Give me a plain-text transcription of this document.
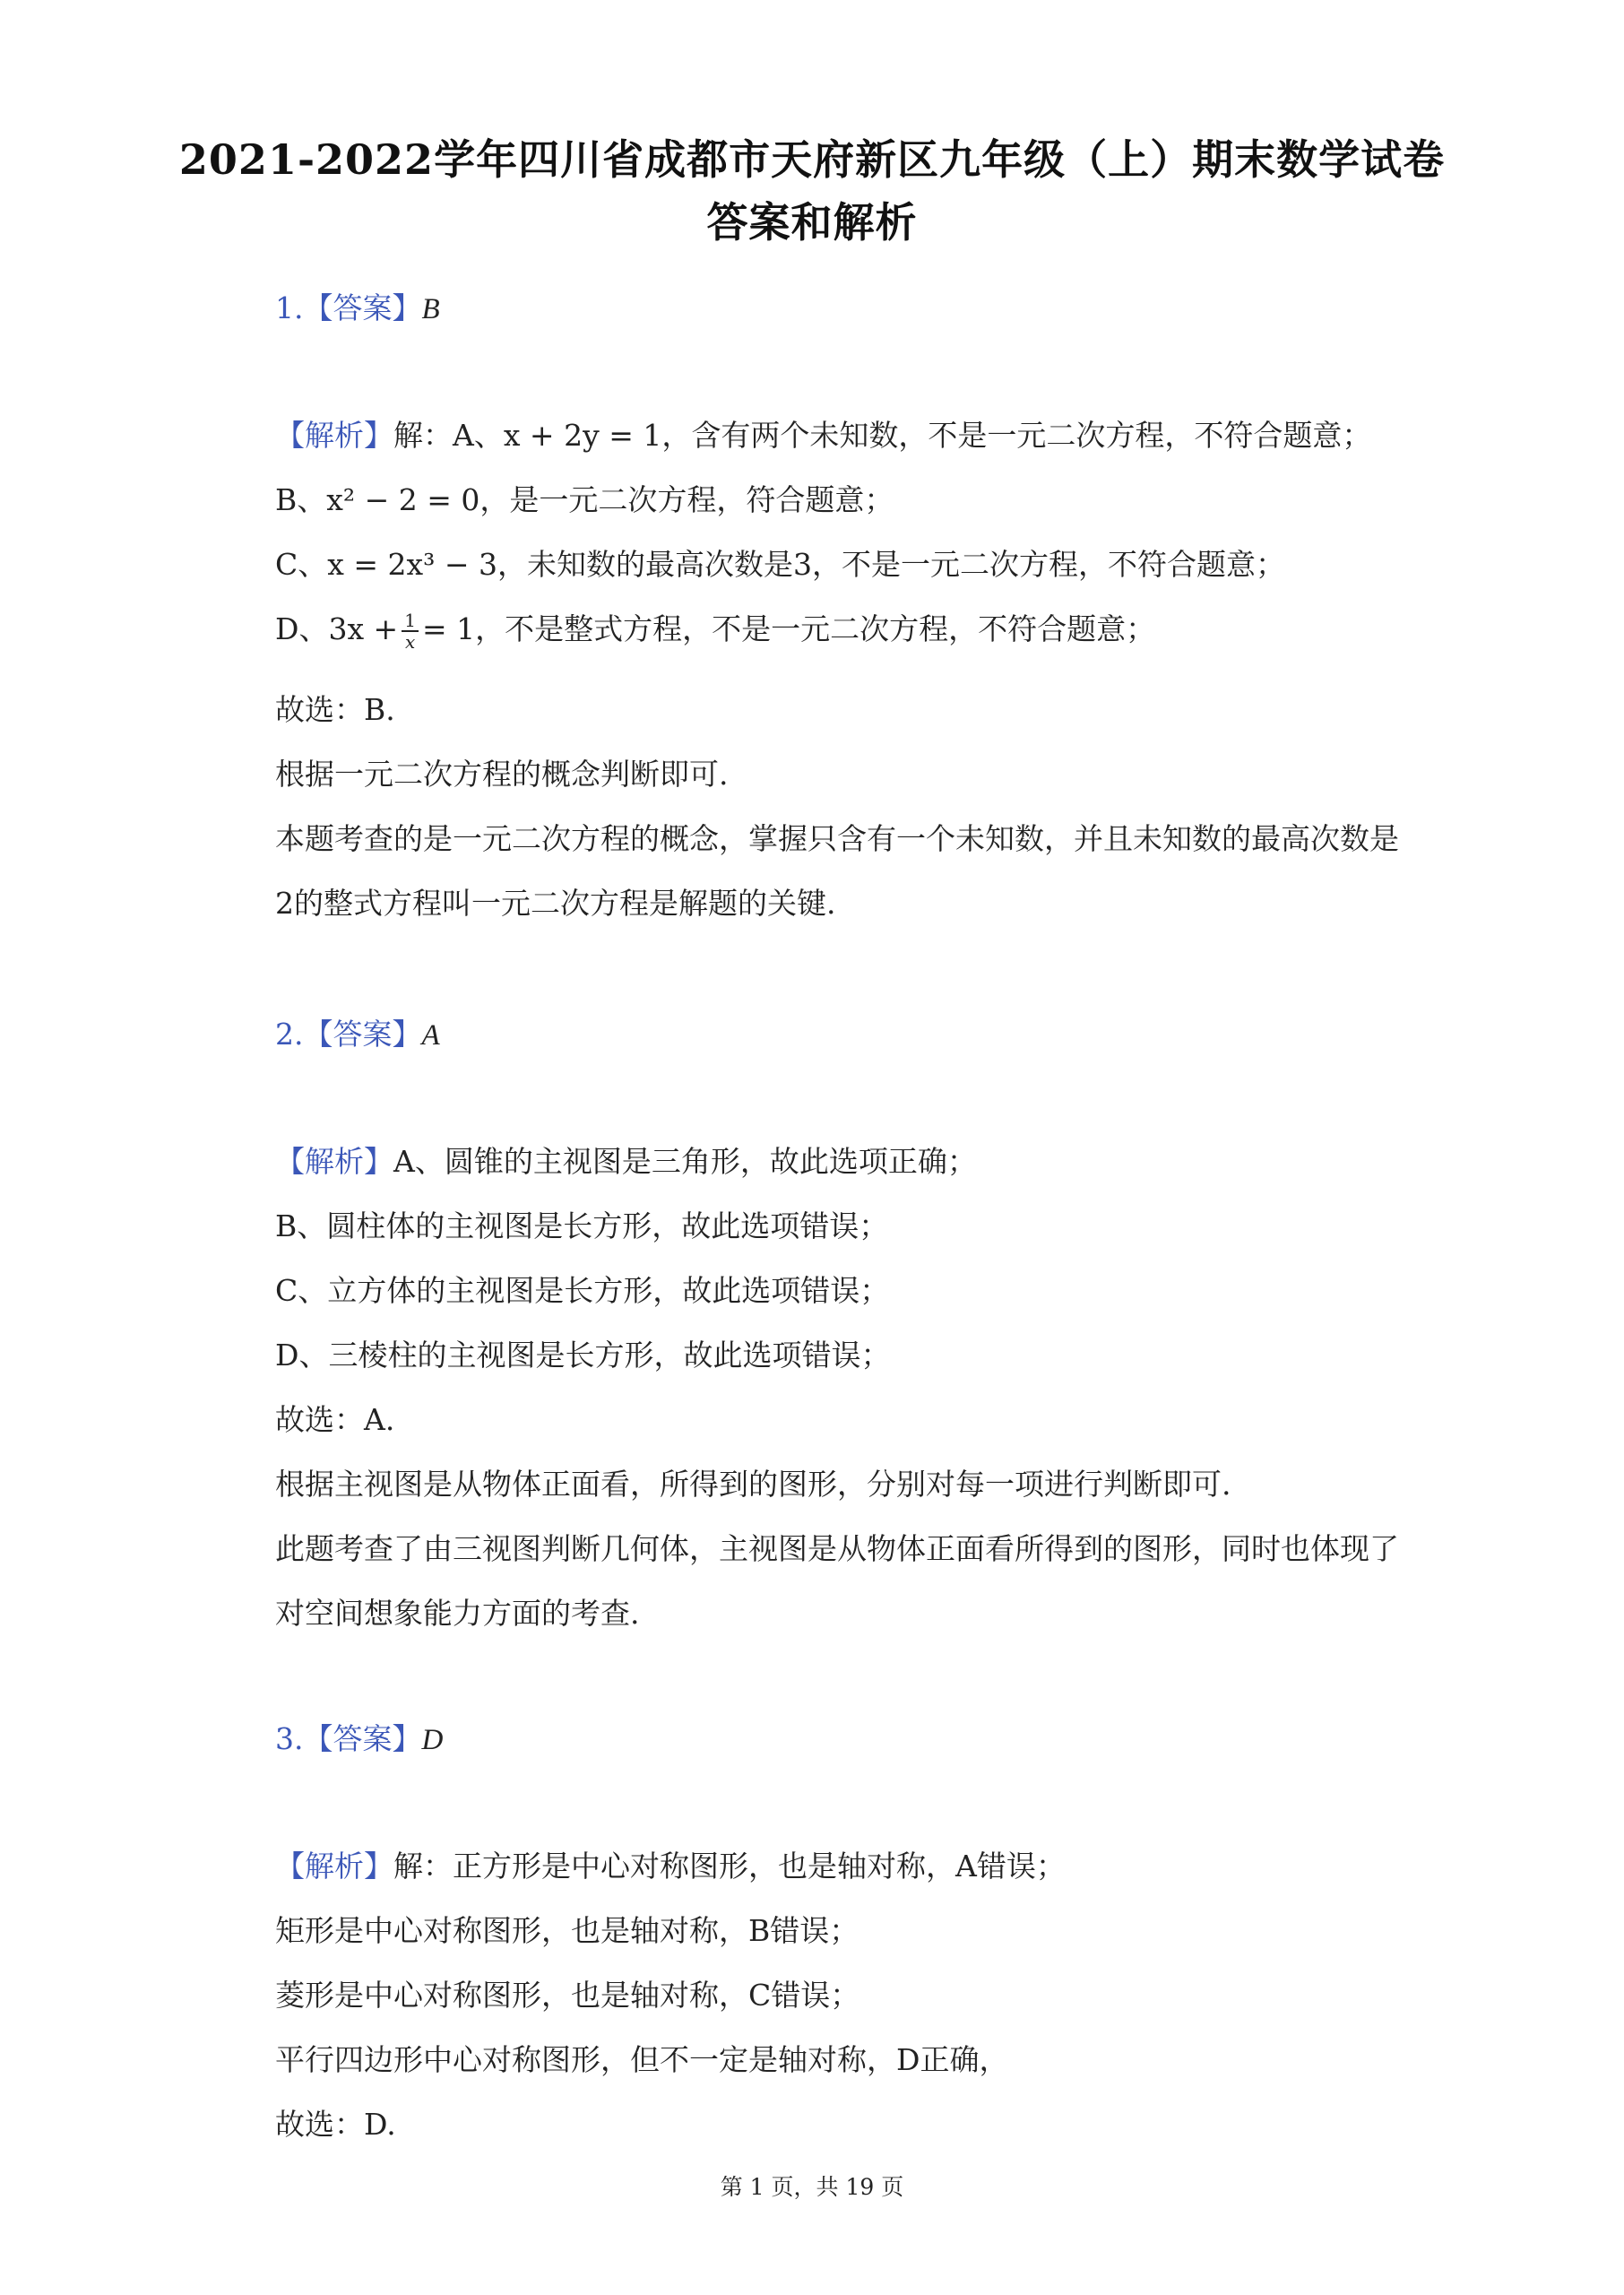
2021-2022学年四川省成都市天府新区九年级（上）期末数学试卷
答案和解析
1.【答案】B
【解析】解：A、x + 2y = 1，含有两个未知数，不是一元二次方程，不符合题意；
B、x² − 2 = 0，是一元二次方程，符合题意；
C、x = 2x³ − 3，未知数的最高次数是3，不是一元二次方程，不符合题意；
D、$3x + \frac{1}{x} = 1$，不是整式方程，不是一元二次方程，不符合题意；
故选：B.
根据一元二次方程的概念判断即可.
本题考查的是一元二次方程的概念，掌握只含有一个未知数，并且未知数的最高次数是
2的整式方程叫一元二次方程是解题的关键.
2.【答案】A
【解析】A、圆锥的主视图是三角形，故此选项正确；
B、圆柱体的主视图是长方形，故此选项错误；
C、立方体的主视图是长方形，故此选项错误；
D、三棱柱的主视图是长方形，故此选项错误；
故选：A.
根据主视图是从物体正面看，所得到的图形，分别对每一项进行判断即可.
此题考查了由三视图判断几何体，主视图是从物体正面看所得到的图形，同时也体现了
对空间想象能力方面的考查.
3.【答案】D
【解析】解：正方形是中心对称图形，也是轴对称，A错误；
矩形是中心对称图形，也是轴对称，B错误；
菱形是中心对称图形，也是轴对称，C错误；
平行四边形中心对称图形，但不一定是轴对称，D正确，
故选：D.
第 1 页，共 19 页
